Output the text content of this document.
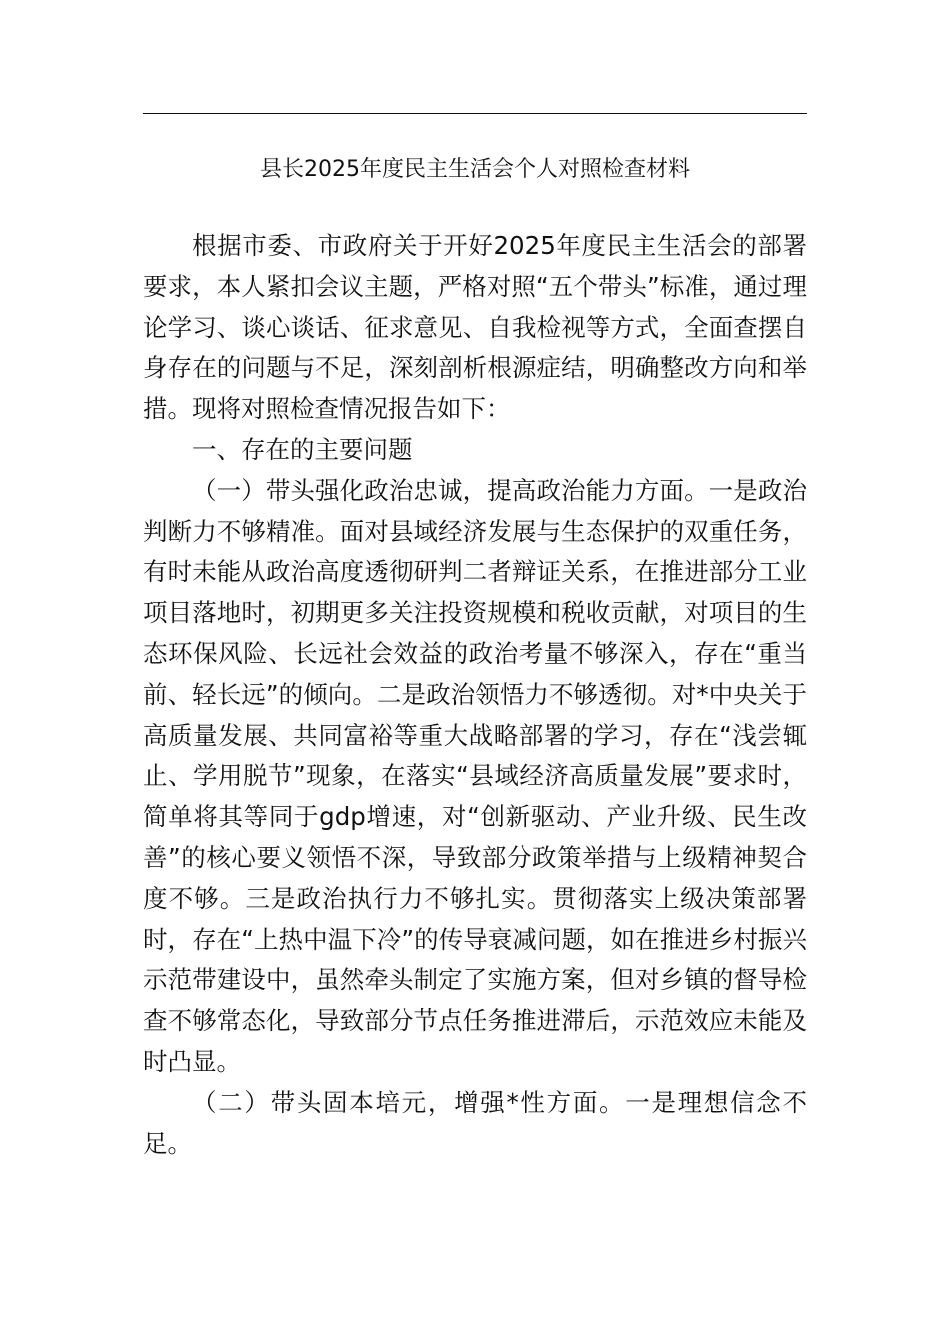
县长2025年度民主生活会个人对照检查材料

根据市委、市政府关于开好2025年度民主生活会的部署要求，本人紧扣会议主题，严格对照“五个带头”标准，通过理论学习、谈心谈话、征求意见、自我检视等方式，全面查摆自身存在的问题与不足，深刻剖析根源症结，明确整改方向和举措。现将对照检查情况报告如下：

一、存在的主要问题

（一）带头强化政治忠诚，提高政治能力方面。一是政治判断力不够精准。面对县域经济发展与生态保护的双重任务，有时未能从政治高度透彻研判二者辩证关系，在推进部分工业项目落地时，初期更多关注投资规模和税收贡献，对项目的生态环保风险、长远社会效益的政治考量不够深入，存在“重当前、轻长远”的倾向。二是政治领悟力不够透彻。对*中央关于高质量发展、共同富裕等重大战略部署的学习，存在“浅尝辄止、学用脱节”现象，在落实“县域经济高质量发展”要求时，简单将其等同于gdp增速，对“创新驱动、产业升级、民生改善”的核心要义领悟不深，导致部分政策举措与上级精神契合度不够。三是政治执行力不够扎实。贯彻落实上级决策部署时，存在“上热中温下冷”的传导衰减问题，如在推进乡村振兴示范带建设中，虽然牵头制定了实施方案，但对乡镇的督导检查不够常态化，导致部分节点任务推进滞后，示范效应未能及时凸显。

（二）带头固本培元，增强*性方面。一是理想信念不足。
